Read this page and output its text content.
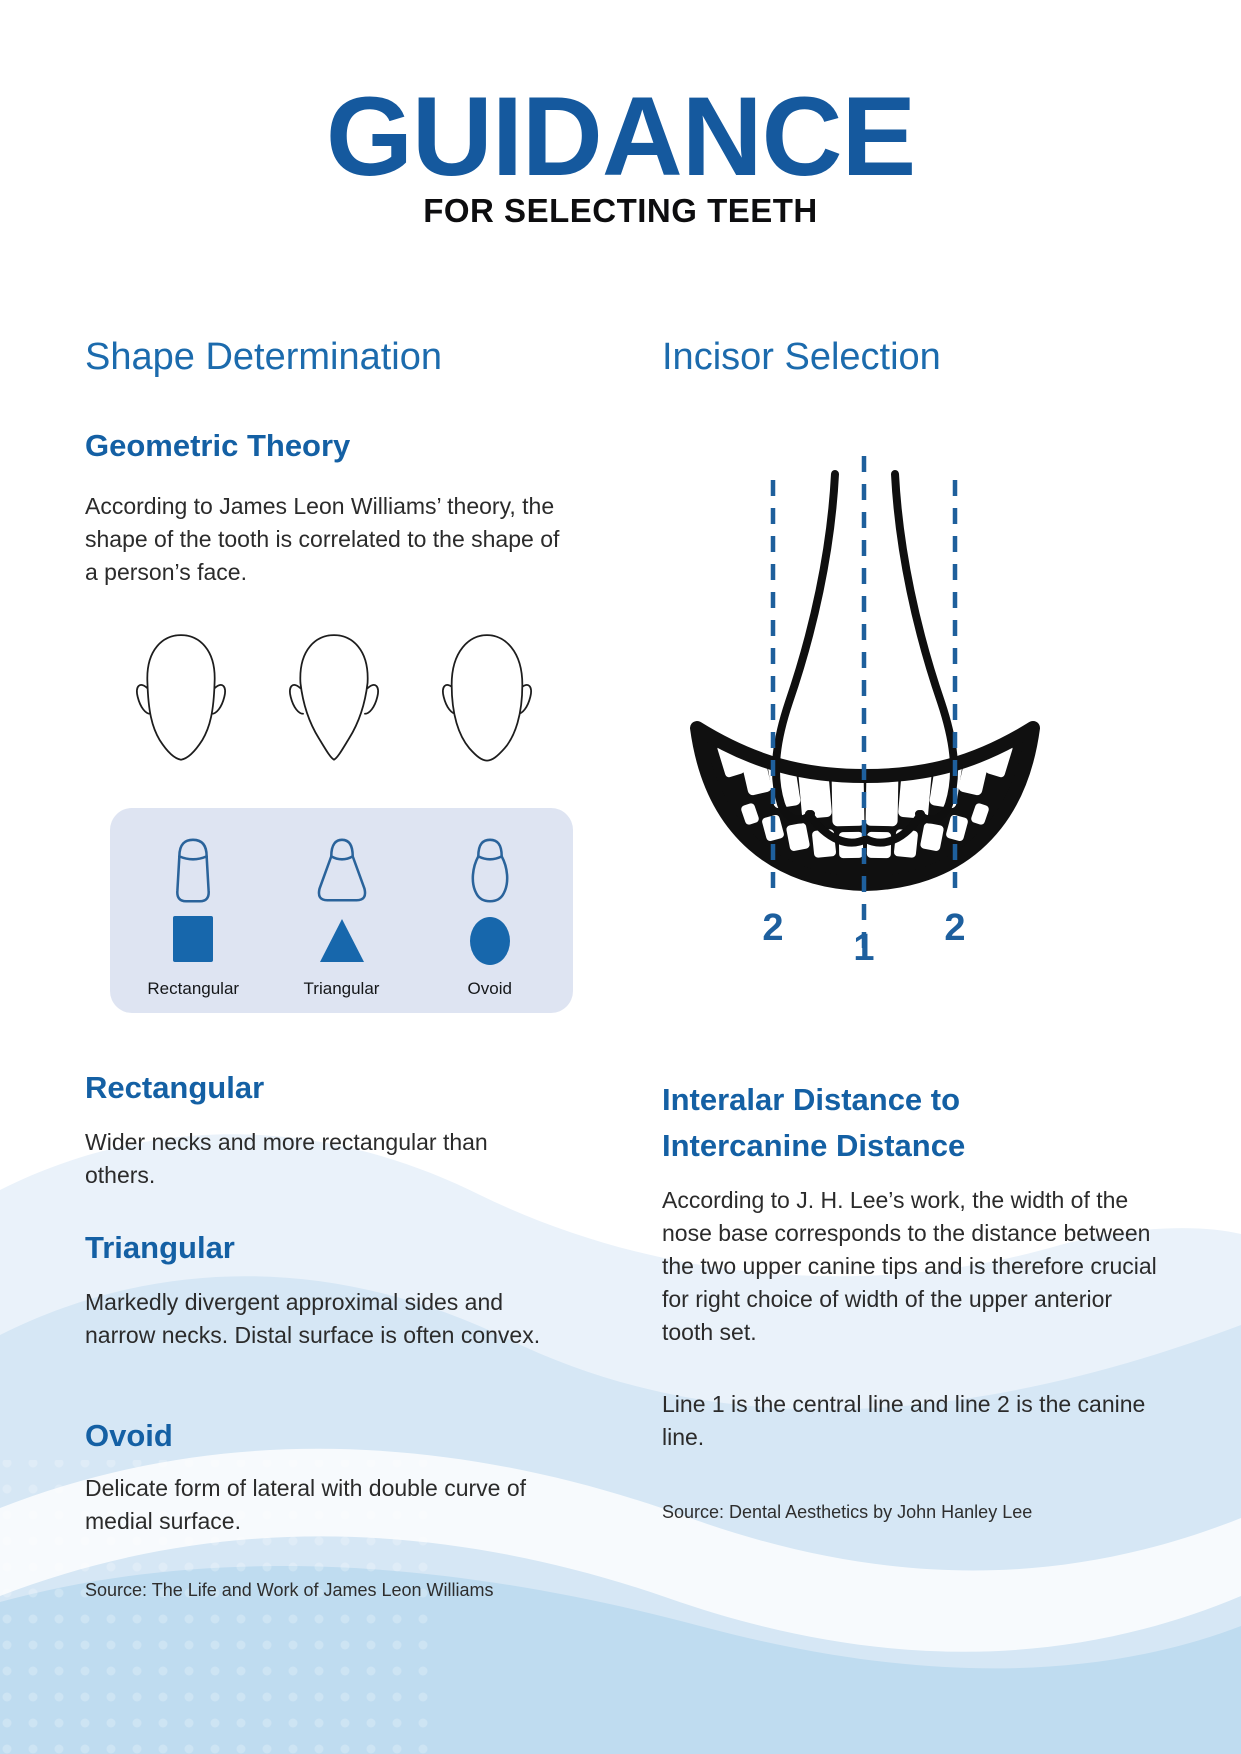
GUIDANCE
FOR SELECTING TEETH
Shape Determination
Geometric Theory

According to James Leon Williams’ theory, the shape of the tooth is correlated to the shape of a person’s face.

Rectangular	Triangular	Ovoid
Rectangular

Wider necks and more rectangular than others.

Triangular

Markedly divergent approximal sides and narrow necks. Distal surface is often convex.

Ovoid

Delicate form of lateral with double curve of medial surface.

Source: The Life and Work of James Leon Williams

Incisor Selection
2 1 2
Interalar Distance to
Intercanine Distance

According to J. H. Lee’s work, the width of the nose base corresponds to the distance between the two upper canine tips and is therefore crucial for right choice of width of the upper anterior tooth set.

Line 1 is the central line and line 2 is the canine line.

Source: Dental Aesthetics by John Hanley Lee
